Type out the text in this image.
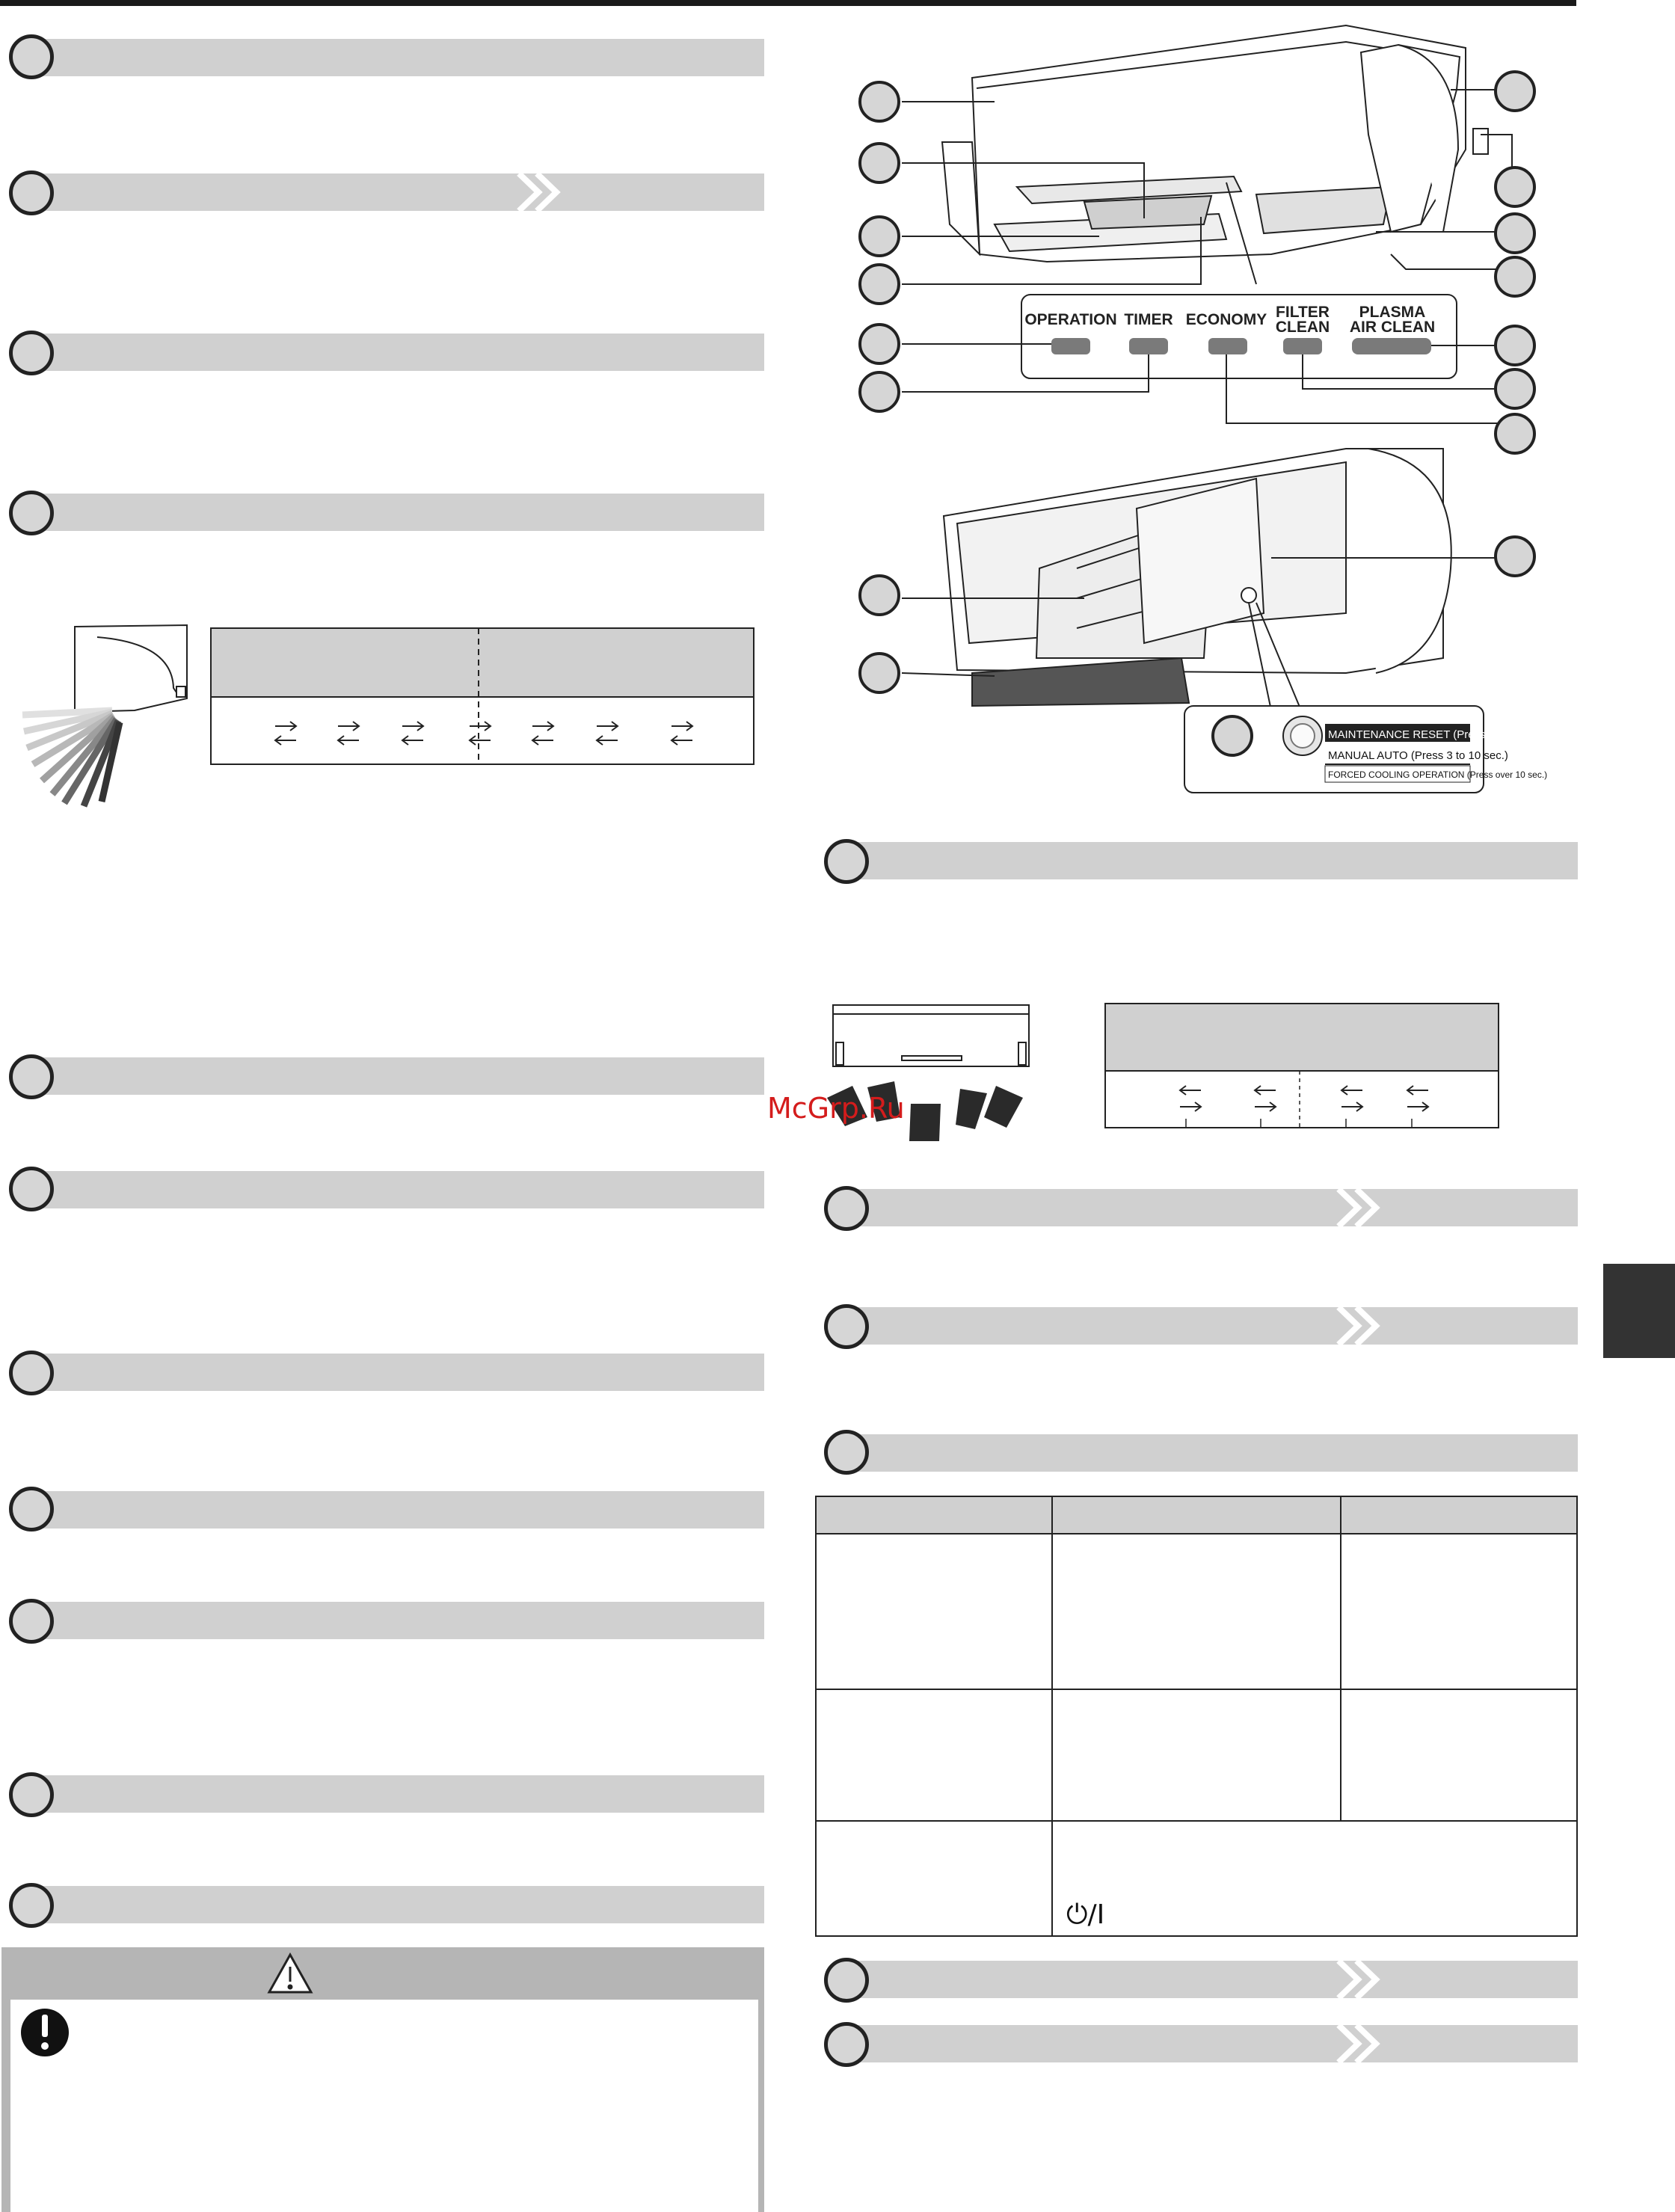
OPERATION TIMER ECONOMY FILTER
CLEAN
PLASMA
AIR CLEAN
MAINTENANCE RESET (Press 1 sec.)
MANUAL AUTO (Press 3 to 10 sec.)
FORCED COOLING OPERATION (Press over 10 sec.)

	⏻/I	
McGrp.Ru
